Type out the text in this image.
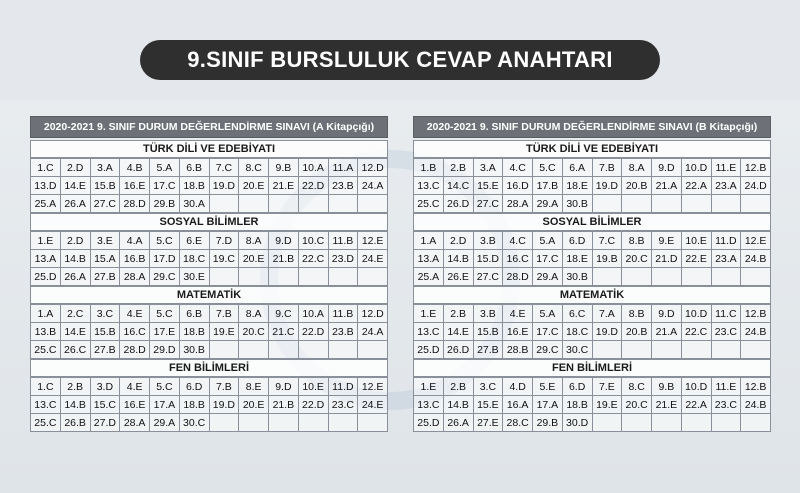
9.SINIF BURSLULUK CEVAP ANAHTARI
2020-2021 9. SINIF DURUM DEĞERLENDİRME SINAVI (A Kitapçığı)
TÜRK DİLİ VE EDEBİYATI
1.C	2.D	3.A	4.B	5.A	6.B	7.C	8.C	9.B	10.A 11.A 12.D
13.D 14.E 15.B 16.E 17.C 18.B 19.D 20.E 21.E 22.D 23.B 24.A
25.A 26.A 27.C 28.D 29.B 30.A
SOSYAL BİLİMLER
1.E	2.D	3.E	4.A	5.C	6.E	7.D	8.A	9.D 10.C 11.B 12.E
13.A 14.B 15.A 16.B 17.D 18.C 19.C 20.E 21.B 22.C 23.D 24.E
25.D 26.A 27.B 28.A 29.C 30.E
MATEMATİK
1.A	2.C	3.C	4.E	5.C	6.B	7.B	8.A	9.C	10.A 11.B 12.D
13.B 14.E 15.B 16.C 17.E 18.B 19.E 20.C 21.C 22.D 23.B 24.A
25.C 26.C 27.B 28.D 29.D 30.B
FEN BİLİMLERİ
1.C	2.B	3.D	4.E	5.C	6.D	7.B	8.E	9.D	10.E 11.D 12.E
13.C 14.B 15.C 16.E 17.A 18.B 19.D 20.E 21.B 22.D 23.C 24.E
25.C 26.B 27.D 28.A 29.A 30.C
2020-2021 9. SINIF DURUM DEĞERLENDİRME SINAVI (B Kitapçığı)
TÜRK DİLİ VE EDEBİYATI
1.B	2.B	3.A	4.C	5.C	6.A	7.B	8.A	9.D 10.D 11.E 12.B
13.C 14.C 15.E 16.D 17.B 18.E 19.D 20.B 21.A 22.A 23.A 24.D
25.C 26.D 27.C 28.A 29.A 30.B
SOSYAL BİLİMLER
1.A	2.D	3.B	4.C	5.A	6.D	7.C	8.B	9.E	10.E 11.D 12.E
13.A 14.B 15.D 16.C 17.C 18.E 19.B 20.C 21.D 22.E 23.A 24.B
25.A 26.E 27.C 28.D 29.A 30.B
MATEMATİK
1.E	2.B	3.B	4.E	5.A	6.C	7.A	8.B	9.D 10.D 11.C 12.B
13.C 14.E 15.B 16.E 17.C 18.C 19.D 20.B 21.A 22.C 23.C 24.B
25.D 26.D 27.B 28.B 29.C 30.C
FEN BİLİMLERİ
1.E	2.B	3.C	4.D	5.E	6.D	7.E	8.C	9.B	10.D 11.E 12.B
13.C 14.B 15.E 16.A 17.A 18.B 19.E 20.C 21.E 22.A 23.C 24.B
25.D 26.A 27.E 28.C 29.B 30.D
